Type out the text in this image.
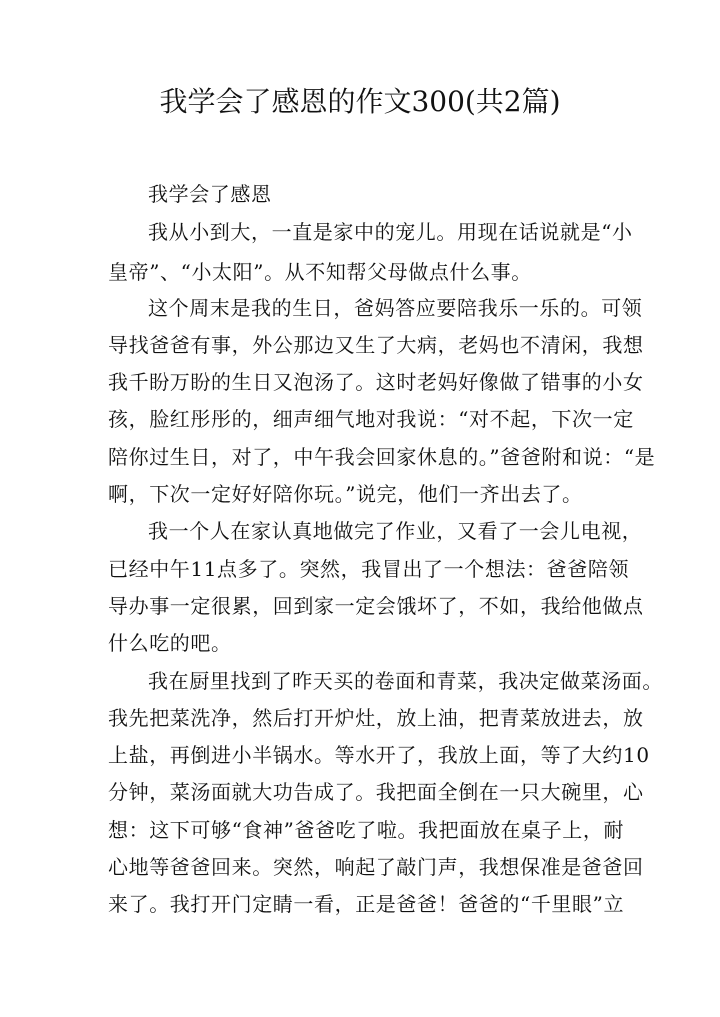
我学会了感恩的作文300(共2篇)
我学会了感恩
我从小到大，一直是家中的宠儿。用现在话说就是“小
皇帝”、“小太阳”。从不知帮父母做点什么事。
这个周末是我的生日，爸妈答应要陪我乐一乐的。可领
导找爸爸有事，外公那边又生了大病，老妈也不清闲，我想
我千盼万盼的生日又泡汤了。这时老妈好像做了错事的小女
孩，脸红彤彤的，细声细气地对我说：“对不起，下次一定
陪你过生日，对了，中午我会回家休息的。”爸爸附和说：“是
啊，下次一定好好陪你玩。”说完，他们一齐出去了。
我一个人在家认真地做完了作业，又看了一会儿电视，
已经中午11点多了。突然，我冒出了一个想法：爸爸陪领
导办事一定很累，回到家一定会饿坏了，不如，我给他做点
什么吃的吧。
我在厨里找到了昨天买的卷面和青菜，我决定做菜汤面。
我先把菜洗净，然后打开炉灶，放上油，把青菜放进去，放
上盐，再倒进小半锅水。等水开了，我放上面，等了大约10
分钟，菜汤面就大功告成了。我把面全倒在一只大碗里，心
想：这下可够“食神”爸爸吃了啦。我把面放在桌子上，耐
心地等爸爸回来。突然，响起了敲门声，我想保准是爸爸回
来了。我打开门定睛一看，正是爸爸！爸爸的“千里眼”立
